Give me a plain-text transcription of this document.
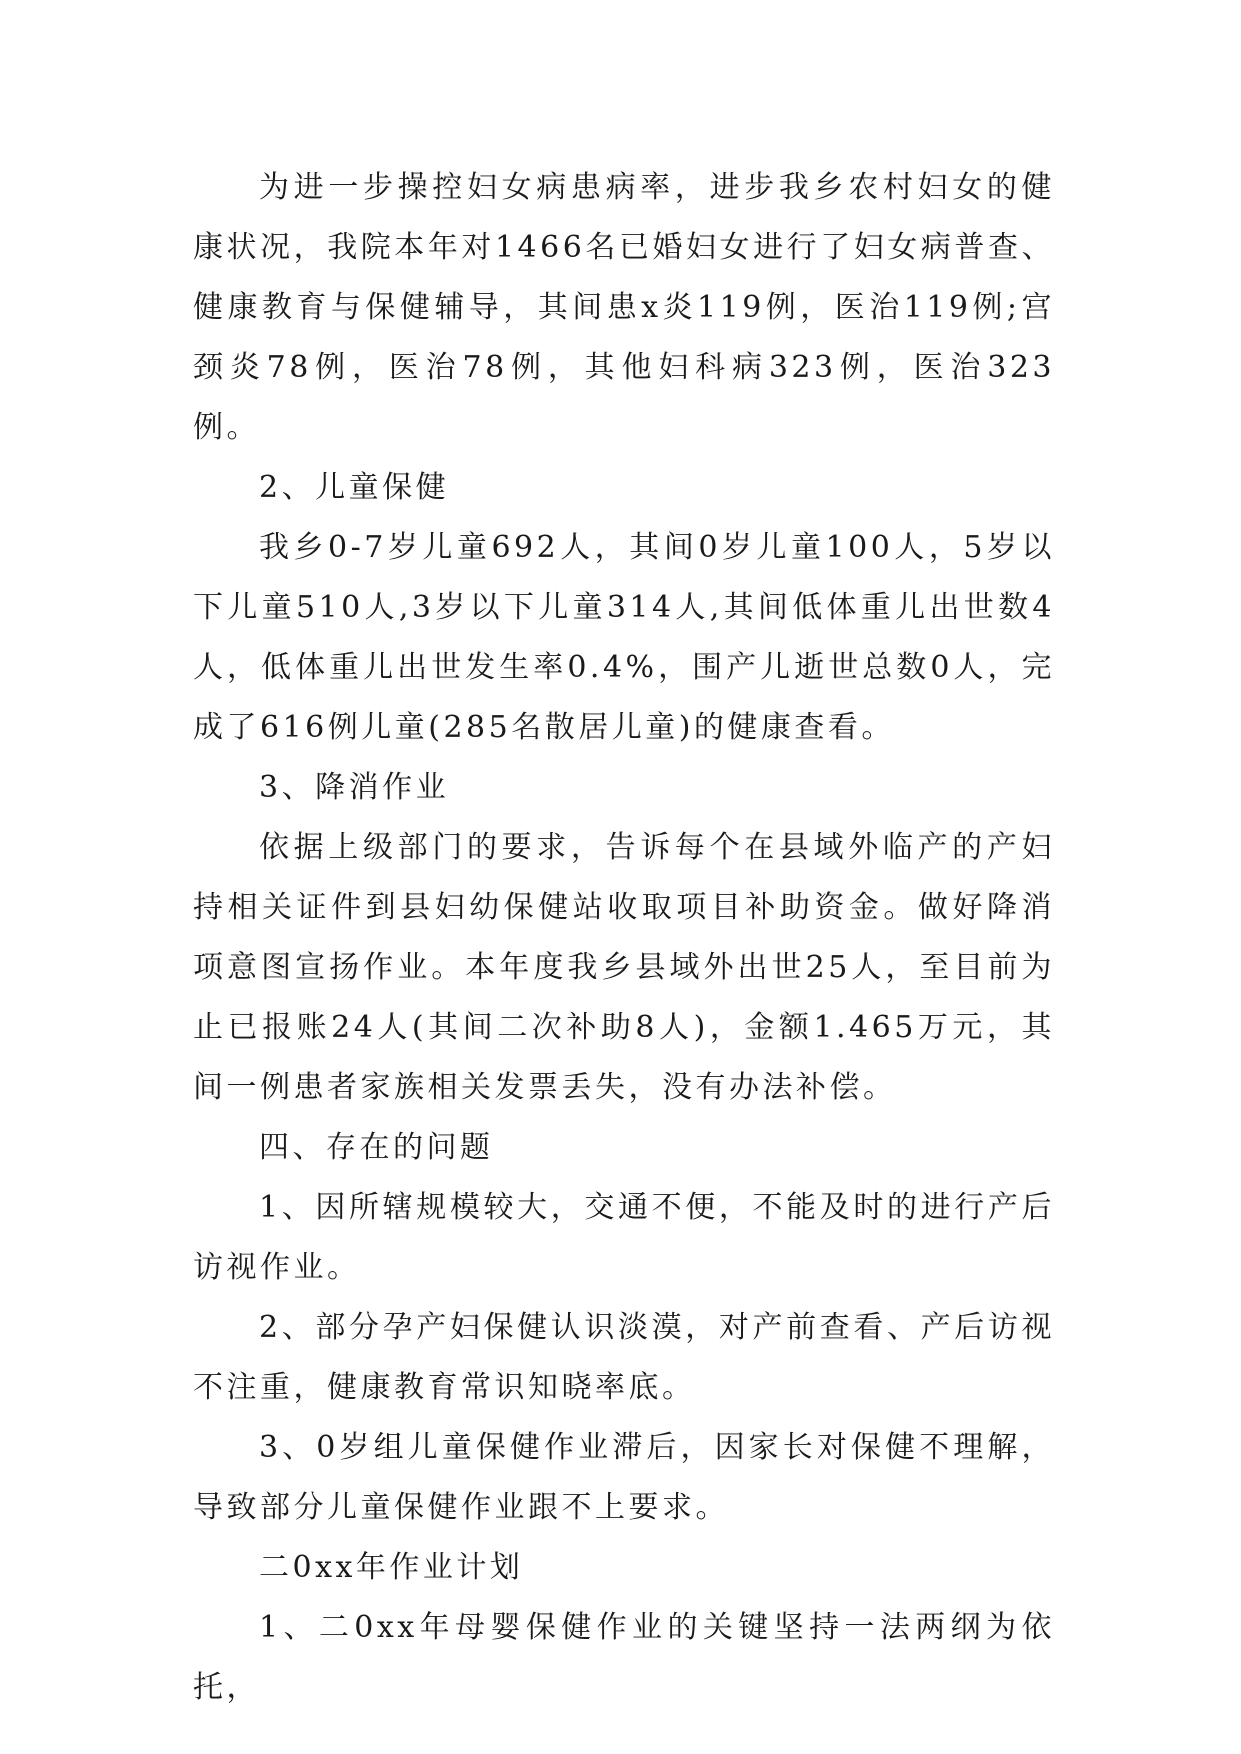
为进一步操控妇女病患病率，进步我乡农村妇女的健康状况，我院本年对1466名已婚妇女进行了妇女病普查、健康教育与保健辅导，其间患x炎119例，医治119例;宫颈炎78例，医治78例，其他妇科病323例，医治323例。

2、儿童保健

我乡0-7岁儿童692人，其间0岁儿童100人，5岁以下儿童510人,3岁以下儿童314人,其间低体重儿出世数4人，低体重儿出世发生率0.4%，围产儿逝世总数0人，完成了616例儿童(285名散居儿童)的健康查看。

3、降消作业

依据上级部门的要求，告诉每个在县域外临产的产妇持相关证件到县妇幼保健站收取项目补助资金。做好降消项意图宣扬作业。本年度我乡县域外出世25人，至目前为止已报账24人(其间二次补助8人)，金额1.465万元，其间一例患者家族相关发票丢失，没有办法补偿。

四、存在的问题

1、因所辖规模较大，交通不便，不能及时的进行产后访视作业。

2、部分孕产妇保健认识淡漠，对产前查看、产后访视不注重，健康教育常识知晓率底。

3、0岁组儿童保健作业滞后，因家长对保健不理解，导致部分儿童保健作业跟不上要求。

二0xx年作业计划

1、二0xx年母婴保健作业的关键坚持一法两纲为依托，
